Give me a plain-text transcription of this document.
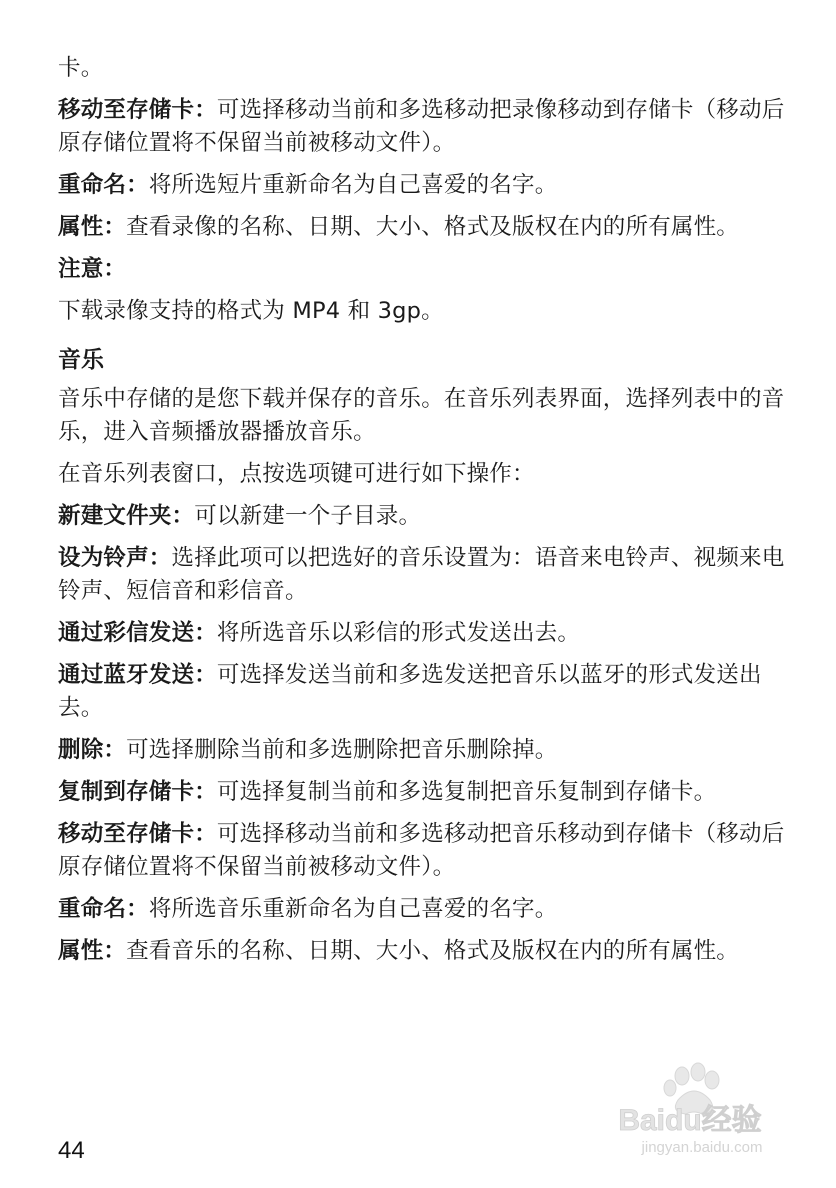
卡。

移动至存储卡：可选择移动当前和多选移动把录像移动到存储卡（移动后原存储位置将不保留当前被移动文件）。

重命名：将所选短片重新命名为自己喜爱的名字。

属性：查看录像的名称、日期、大小、格式及版权在内的所有属性。

注意：

下载录像支持的格式为 MP4 和 3gp。

音乐

音乐中存储的是您下载并保存的音乐。在音乐列表界面，选择列表中的音乐，进入音频播放器播放音乐。

在音乐列表窗口，点按选项键可进行如下操作：

新建文件夹：可以新建一个子目录。

设为铃声：选择此项可以把选好的音乐设置为：语音来电铃声、视频来电铃声、短信音和彩信音。

通过彩信发送：将所选音乐以彩信的形式发送出去。

通过蓝牙发送：可选择发送当前和多选发送把音乐以蓝牙的形式发送出去。

删除：可选择删除当前和多选删除把音乐删除掉。

复制到存储卡：可选择复制当前和多选复制把音乐复制到存储卡。

移动至存储卡：可选择移动当前和多选移动把音乐移动到存储卡（移动后原存储位置将不保留当前被移动文件）。

重命名：将所选音乐重新命名为自己喜爱的名字。

属性：查看音乐的名称、日期、大小、格式及版权在内的所有属性。

44
Baidu经验
jingyan.baidu.com
